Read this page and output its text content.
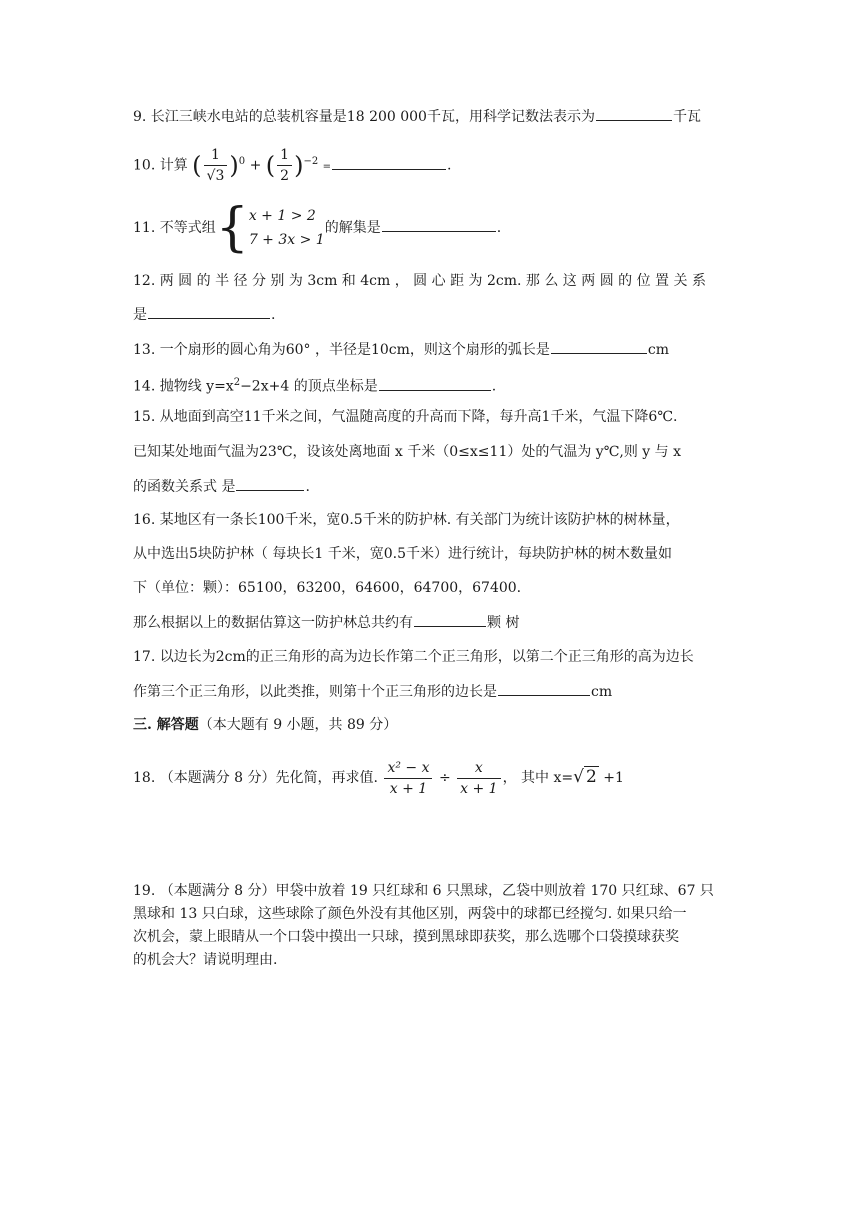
9. 长江三峡水电站的总装机容量是18 200 000千瓦，用科学记数法表示为	千瓦
10. 计算 ( $\frac{1}{√3} )^0$ + ( $\frac{1}{2} )^{-2}$ =	.
11. 不等式组{ x + 1 > 2
7 + 3x > 1
的解集是	.
12. 两 圆 的 半 径 分 别 为 3cm 和 4cm ， 圆 心 距 为 2cm. 那 么 这 两 圆 的 位 置 关 系
是	.
13. 一个扇形的圆心角为60° ，半径是10cm，则这个扇形的弧长是	cm
14. 抛物线 $y=x^2-2x+4$ 的顶点坐标是	.
15. 从地面到高空11千米之间，气温随高度的升高而下降，每升高1千米，气温下降6℃.
已知某处地面气温为23℃，设该处离地面 x 千米（0≤x≤11）处的气温为 y℃,则 y 与 x
的函数关系式 是	.
16. 某地区有一条长100千米，宽0.5千米的防护林. 有关部门为统计该防护林的树林量，
从中选出5块防护林（ 每块长1 千米，宽0.5千米）进行统计，每块防护林的树木数量如
下（单位：颗）：65100，63200，64600，64700，67400.
那么根据以上的数据估算这一防护林总共约有	颗 树
17. 以边长为2cm的正三角形的高为边长作第二个正三角形，以第二个正三角形的高为边长
作第三个正三角形，以此类推，则第十个正三角形的边长是	cm
三. 解答题（本大题有 9 小题，共 89 分）
18. （本题满分 8 分）先化简，再求值. $\frac{\text{x² − x}}{x + 1} \div \frac{x}{x + 1}$ ， 其中 x=√ 2 +1
19. （本题满分 8 分）甲袋中放着 19 只红球和 6 只黑球，乙袋中则放着 170 只红球、67 只
黑球和 13 只白球，这些球除了颜色外没有其他区别，两袋中的球都已经搅匀. 如果只给一
次机会，蒙上眼睛从一个口袋中摸出一只球，摸到黑球即获奖，那么选哪个口袋摸球获奖
的机会大？请说明理由.
